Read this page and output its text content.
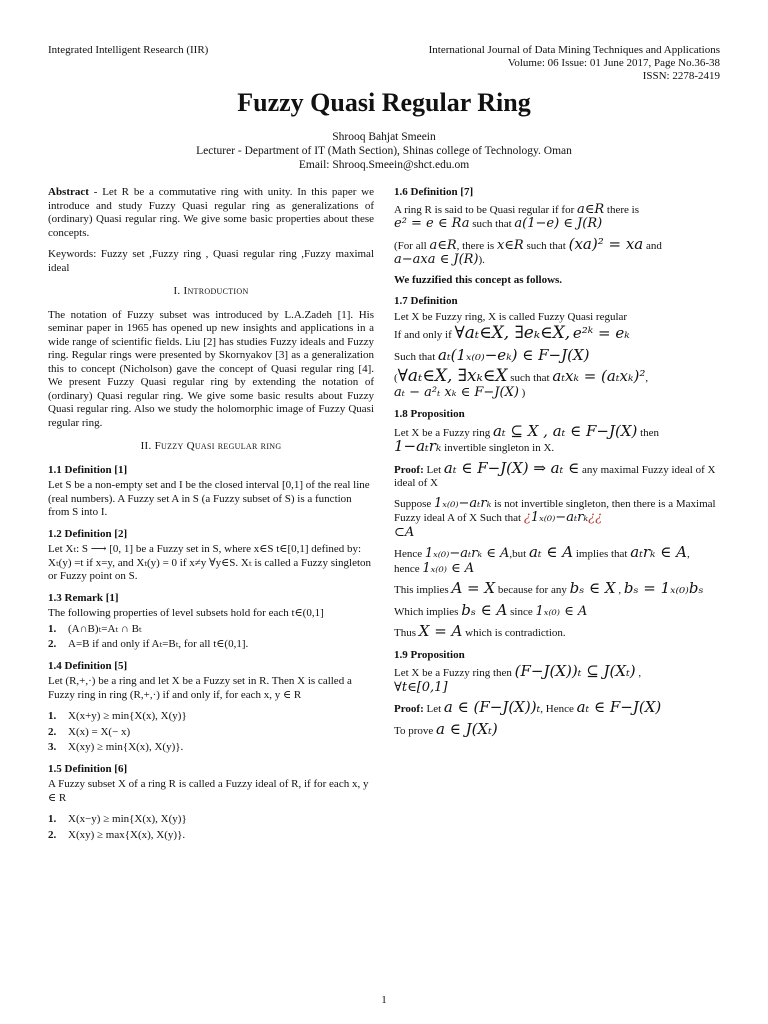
Integrated Intelligent Research (IIR)	International Journal of Data Mining Techniques and Applications
Volume: 06 Issue: 01 June 2017, Page No.36-38
ISSN: 2278-2419
Fuzzy Quasi Regular Ring
Shrooq Bahjat Smeein
Lecturer - Department of IT (Math Section), Shinas college of Technology. Oman
Email: Shrooq.Smeein@shct.edu.om

Abstract - Let R be a commutative ring with unity. In this paper we introduce and study Fuzzy Quasi regular ring as generalizations of (ordinary) Quasi regular ring. We give some basic properties about these concepts.

Keywords: Fuzzy set ,Fuzzy ring , Quasi regular ring ,Fuzzy maximal ideal

I. Introduction

The notation of Fuzzy subset was introduced by L.A.Zadeh [1]. His seminar paper in 1965 has opened up new insights and applications in a wide range of scientific fields. Liu [2] has studies Fuzzy ideals and Fuzzy ring. Regular rings were presented by Skornyakov [3] as a generalization this to concept (Nicholson) gave the concept of Quasi regular ring [4]. We present Fuzzy Quasi regular ring by extending the notation of (ordinary) Quasi regular ring. We give some basic results about Fuzzy Quasi regular ring. Also we study the holomorphic image of Fuzzy Quasi regular ring.

II. Fuzzy Quasi regular ring
1.1 Definition [1]

Let S be a non-empty set and I be the closed interval [0,1] of the real line (real numbers). A Fuzzy set A in S (a Fuzzy subset of S) is a function from S into I.

1.2 Definition [2]

Let Xₜ: S ⟶ [0, 1] be a Fuzzy set in S, where x∈S t∈[0,1] defined by: Xₜ(y) =t if x=y, and Xₜ(y) = 0 if x≠y ∀y∈S. Xₜ is called a Fuzzy singleton or Fuzzy point on S.

1.3 Remark [1]

The following properties of level subsets hold for each t∈(0,1]

1. (A∩B)ₜ=Aₜ ∩ Bₜ
2. A=B if and only if Aₜ=Bₜ, for all t∈(0,1].
1.4 Definition [5]

Let (R,+,·) be a ring and let X be a Fuzzy set in R. Then X is called a Fuzzy ring in ring (R,+,·) if and only if, for each x, y ∈ R

1. X(x+y) ≥ min{X(x), X(y)}
2. X(x) = X(− x)
3. X(xy) ≥ min{X(x), X(y)}.
1.5 Definition [6]

A Fuzzy subset X of a ring R is called a Fuzzy ideal of R, if for each x, y ∈ R

1. X(x−y) ≥ min{X(x), X(y)}
2. X(xy) ≥ max{X(x), X(y)}.
1.6 Definition [7]
A ring R is said to be Quasi regular if for a∈R there is
e² = e ∈ Ra such that a(1−e) ∈ J(R)
(For all a∈R, there is x∈R such that (xa)² = xa and
a−axa ∈ J(R)).

We fuzzified this concept as follows.

1.7 Definition
Let X be Fuzzy ring, X is called Fuzzy Quasi regular
If and only if ∀aₜ∈X, ∃eₖ∈X, e²ᵏ = eₖ
Such that aₜ(1ₓ₍₀₎−eₖ) ∈ F−J(X)
(∀aₜ∈X, ∃xₖ∈X such that aₜxₖ = (aₜxₖ)²,
aₜ − a²ₜ xₖ ∈ F−J(X) )
1.8 Proposition
Let X be a Fuzzy ring aₜ ⊆ X , aₜ ∈ F−J(X) then
1−aₜrₖ invertible singleton in X.
Proof: Let aₜ ∈ F−J(X) ⇒ aₜ ∈ any maximal Fuzzy ideal of X
ideal of X
Suppose 1ₓ₍₀₎−aₜrₖ is not invertible singleton, then there is a Maximal Fuzzy ideal A of X Such that ¿1ₓ₍₀₎−aₜrₖ¿¿
⊂A
Hence 1ₓ₍₀₎−aₜrₖ ∈ A,but aₜ ∈ A implies that aₜrₖ ∈ A,
hence 1ₓ₍₀₎ ∈ A
This implies A = X because for any bₛ ∈ X , bₛ = 1ₓ₍₀₎bₛ
Which implies bₛ ∈ A since 1ₓ₍₀₎ ∈ A
Thus X = A which is contradiction.
1.9 Proposition
Let X be a Fuzzy ring then (F−J(X))ₜ ⊆ J(Xₜ) ,
∀t∈[0,1]
Proof: Let a ∈ (F−J(X))ₜ, Hence aₜ ∈ F−J(X)
To prove a ∈ J(Xₜ)
1
